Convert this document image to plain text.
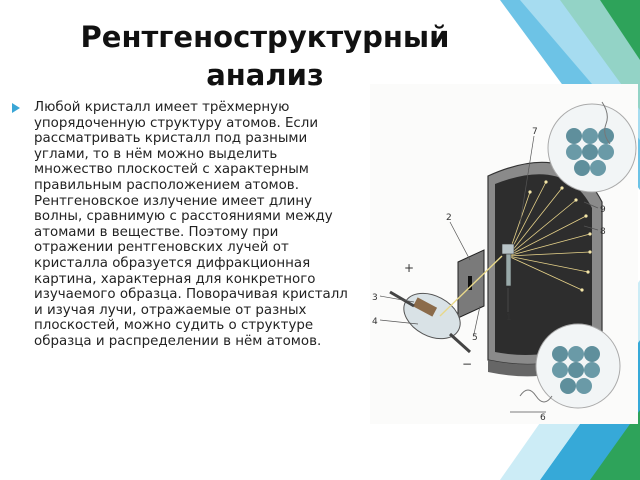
Рентгеноструктурный анализ

Любой кристалл имеет трёхмерную упорядоченную структуру атомов. Если рассматривать кристалл под разными углами, то в нём можно выделить множество плоскостей с характерным правильным расположением атомов. Рентгеновское излучение имеет длину волны, сравнимую с расстояниями между атомами в веществе. Поэтому при отражении рентгеновских лучей от кристалла образуется дифракционная картина, характерная для конкретного изучаемого образца. Поворачивая кристалл и изучая лучи, отражаемые от разных плоскостей, можно судить о структуре образца и распределении в нём атомов.

7
2
3
4
5
1
9
8
6
+
−
